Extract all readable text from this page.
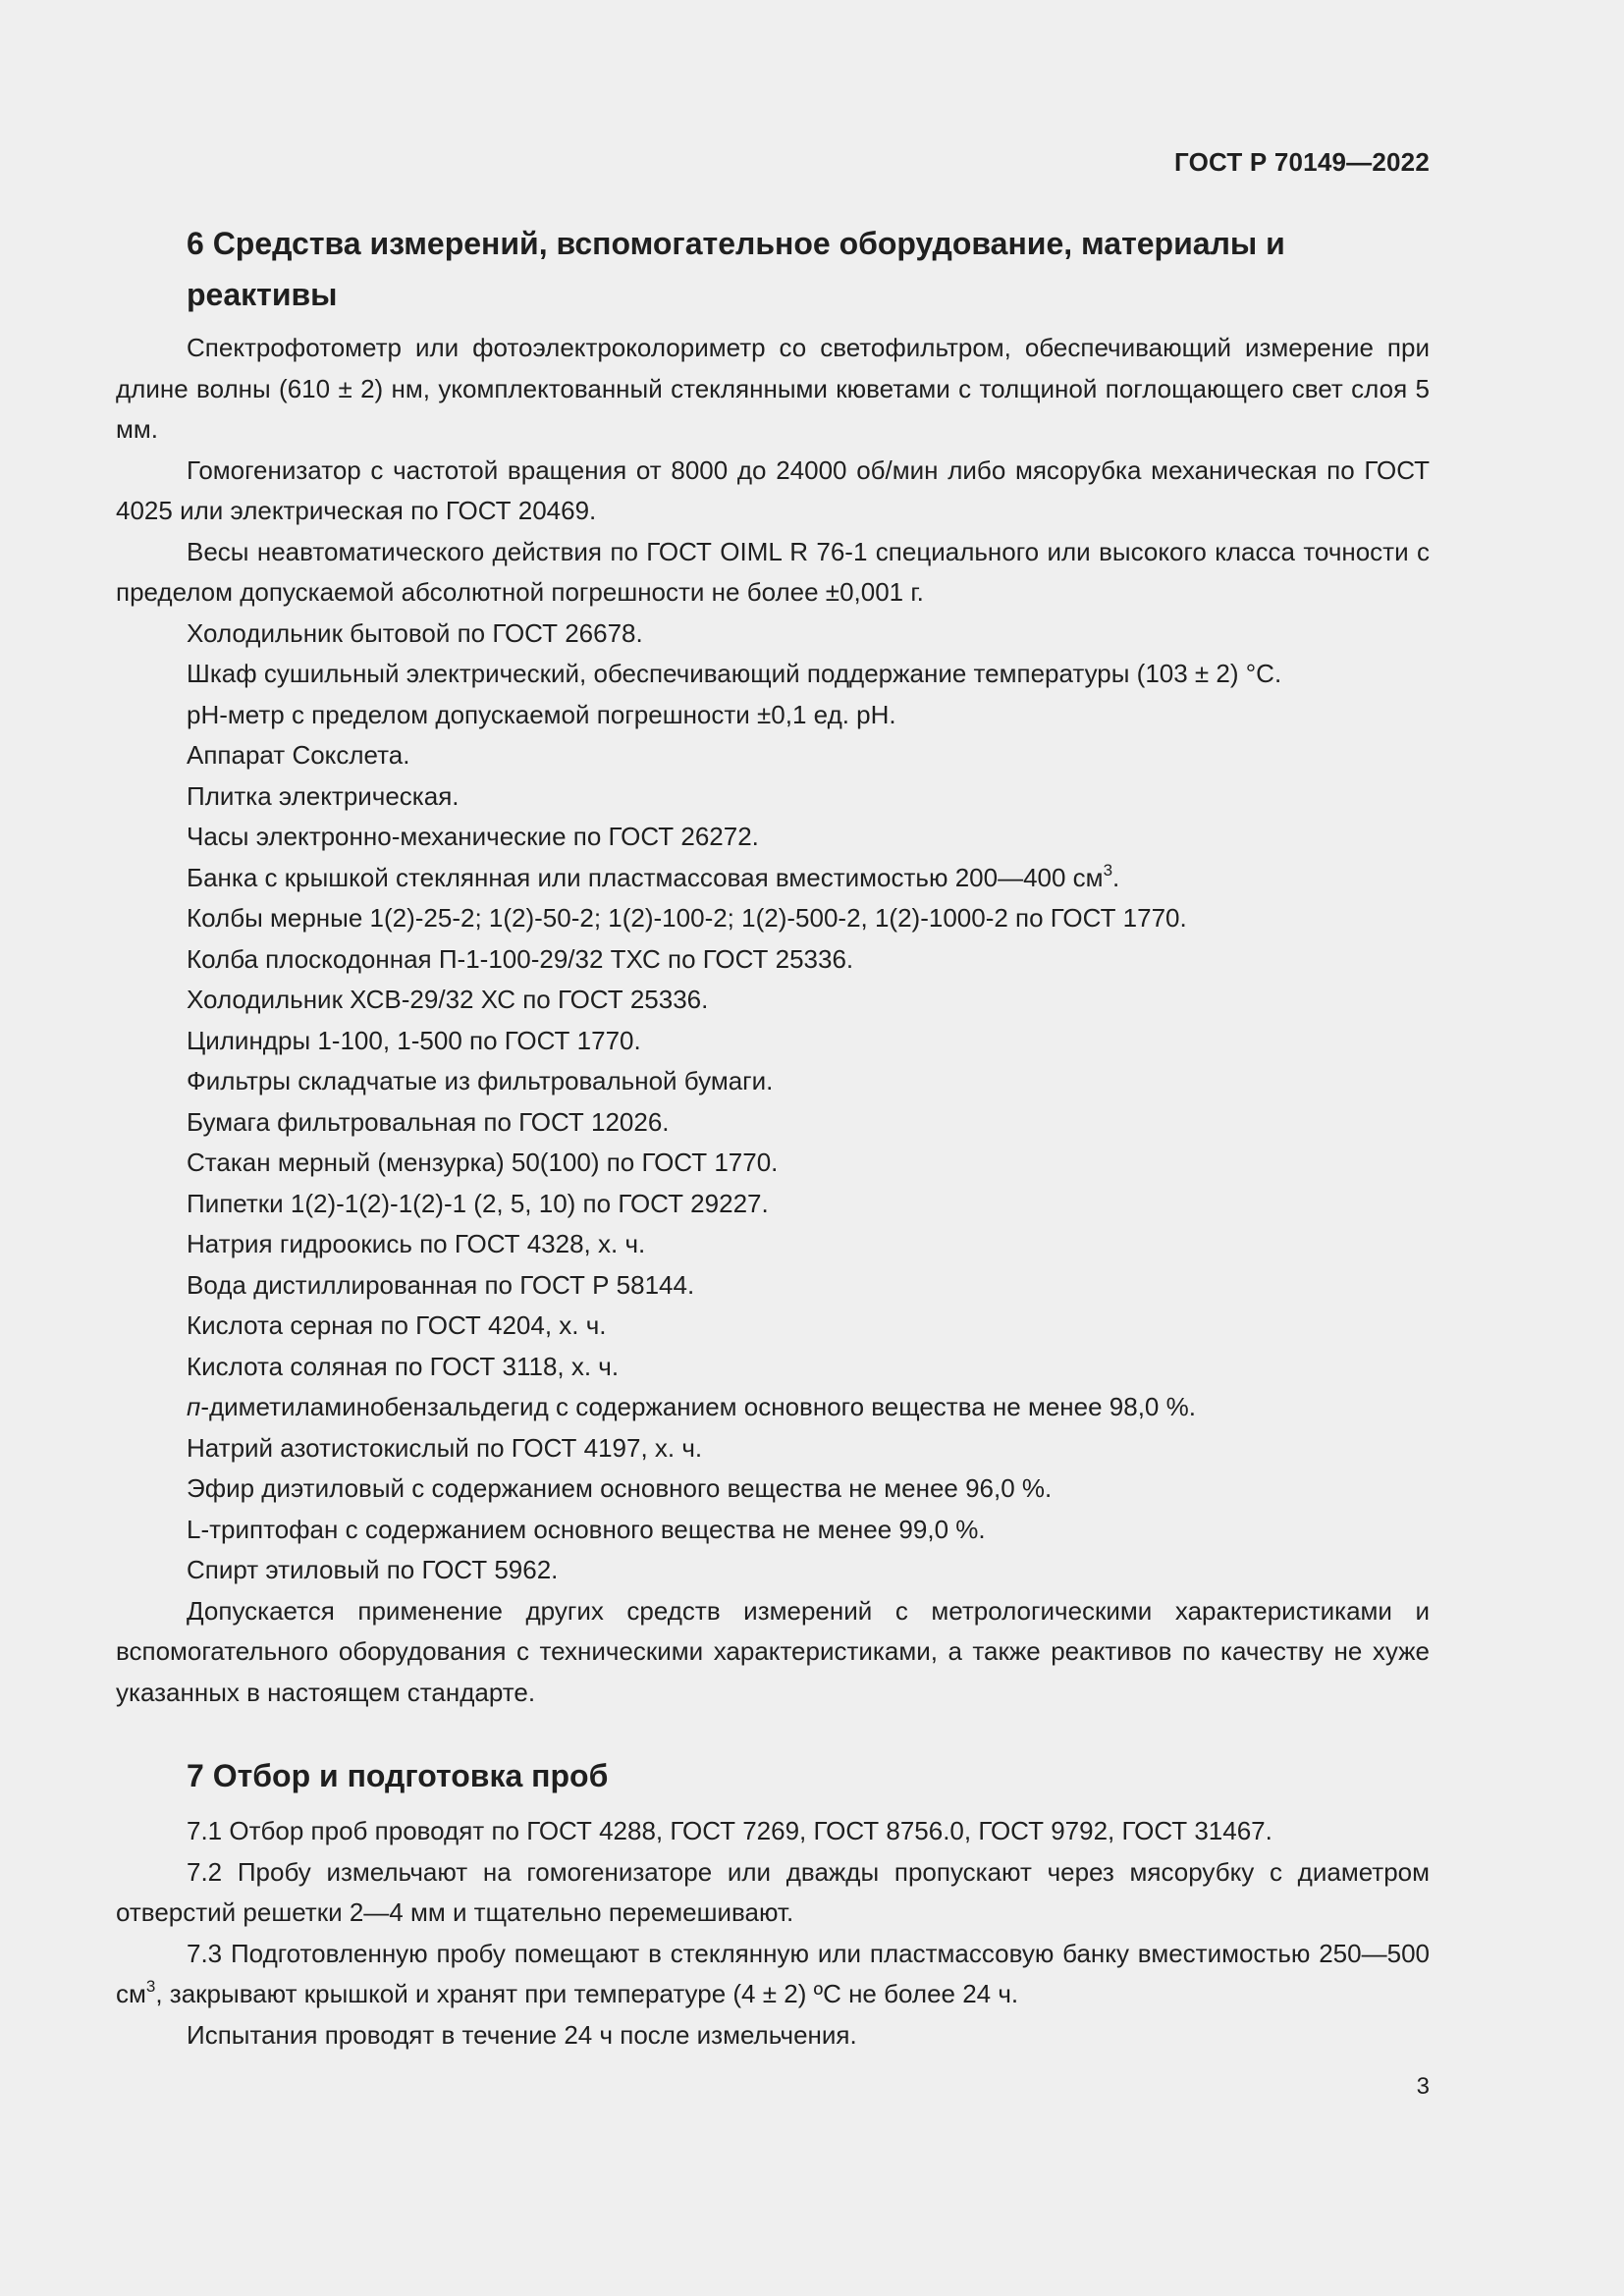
ГОСТ Р 70149—2022
6 Средства измерений, вспомогательное оборудование, материалы и реактивы

Спектрофотометр или фотоэлектроколориметр со светофильтром, обеспечивающий измерение при длине волны (610 ± 2) нм, укомплектованный стеклянными кюветами с толщиной поглощающего свет слоя 5 мм.

Гомогенизатор с частотой вращения от 8000 до 24000 об/мин либо мясорубка механическая по ГОСТ 4025 или электрическая по ГОСТ 20469.

Весы неавтоматического действия по ГОСТ OIML R 76-1 специального или высокого класса точности с пределом допускаемой абсолютной погрешности не более ±0,001 г.

Холодильник бытовой по ГОСТ 26678.

Шкаф сушильный электрический, обеспечивающий поддержание температуры (103 ± 2) °С.

pH-метр с пределом допускаемой погрешности ±0,1 ед. pH.

Аппарат Сокслета.

Плитка электрическая.

Часы электронно-механические по ГОСТ 26272.

Банка с крышкой стеклянная или пластмассовая вместимостью 200—400 $см^3$.

Колбы мерные 1(2)-25-2; 1(2)-50-2; 1(2)-100-2; 1(2)-500-2, 1(2)-1000-2 по ГОСТ 1770.

Колба плоскодонная П-1-100-29/32 ТХС по ГОСТ 25336.

Холодильник ХСВ-29/32 ХС по ГОСТ 25336.

Цилиндры 1-100, 1-500 по ГОСТ 1770.

Фильтры складчатые из фильтровальной бумаги.

Бумага фильтровальная по ГОСТ 12026.

Стакан мерный (мензурка) 50(100) по ГОСТ 1770.

Пипетки 1(2)-1(2)-1(2)-1 (2, 5, 10) по ГОСТ 29227.

Натрия гидроокись по ГОСТ 4328, х. ч.

Вода дистиллированная по ГОСТ Р 58144.

Кислота серная по ГОСТ 4204, х. ч.

Кислота соляная по ГОСТ 3118, х. ч.

п-диметиламинобензальдегид с содержанием основного вещества не менее 98,0 %.

Натрий азотистокислый по ГОСТ 4197, х. ч.

Эфир диэтиловый с содержанием основного вещества не менее 96,0 %.

L-триптофан с содержанием основного вещества не менее 99,0 %.

Спирт этиловый по ГОСТ 5962.

Допускается применение других средств измерений с метрологическими характеристиками и вспомогательного оборудования с техническими характеристиками, а также реактивов по качеству не хуже указанных в настоящем стандарте.

7 Отбор и подготовка проб

7.1 Отбор проб проводят по ГОСТ 4288, ГОСТ 7269, ГОСТ 8756.0, ГОСТ 9792, ГОСТ 31467.

7.2 Пробу измельчают на гомогенизаторе или дважды пропускают через мясорубку с диаметром отверстий решетки 2—4 мм и тщательно перемешивают.

7.3 Подготовленную пробу помещают в стеклянную или пластмассовую банку вместимостью 250—500 $см^3$, закрывают крышкой и хранят при температуре (4 ± 2) ºС не более 24 ч.

Испытания проводят в течение 24 ч после измельчения.

3
